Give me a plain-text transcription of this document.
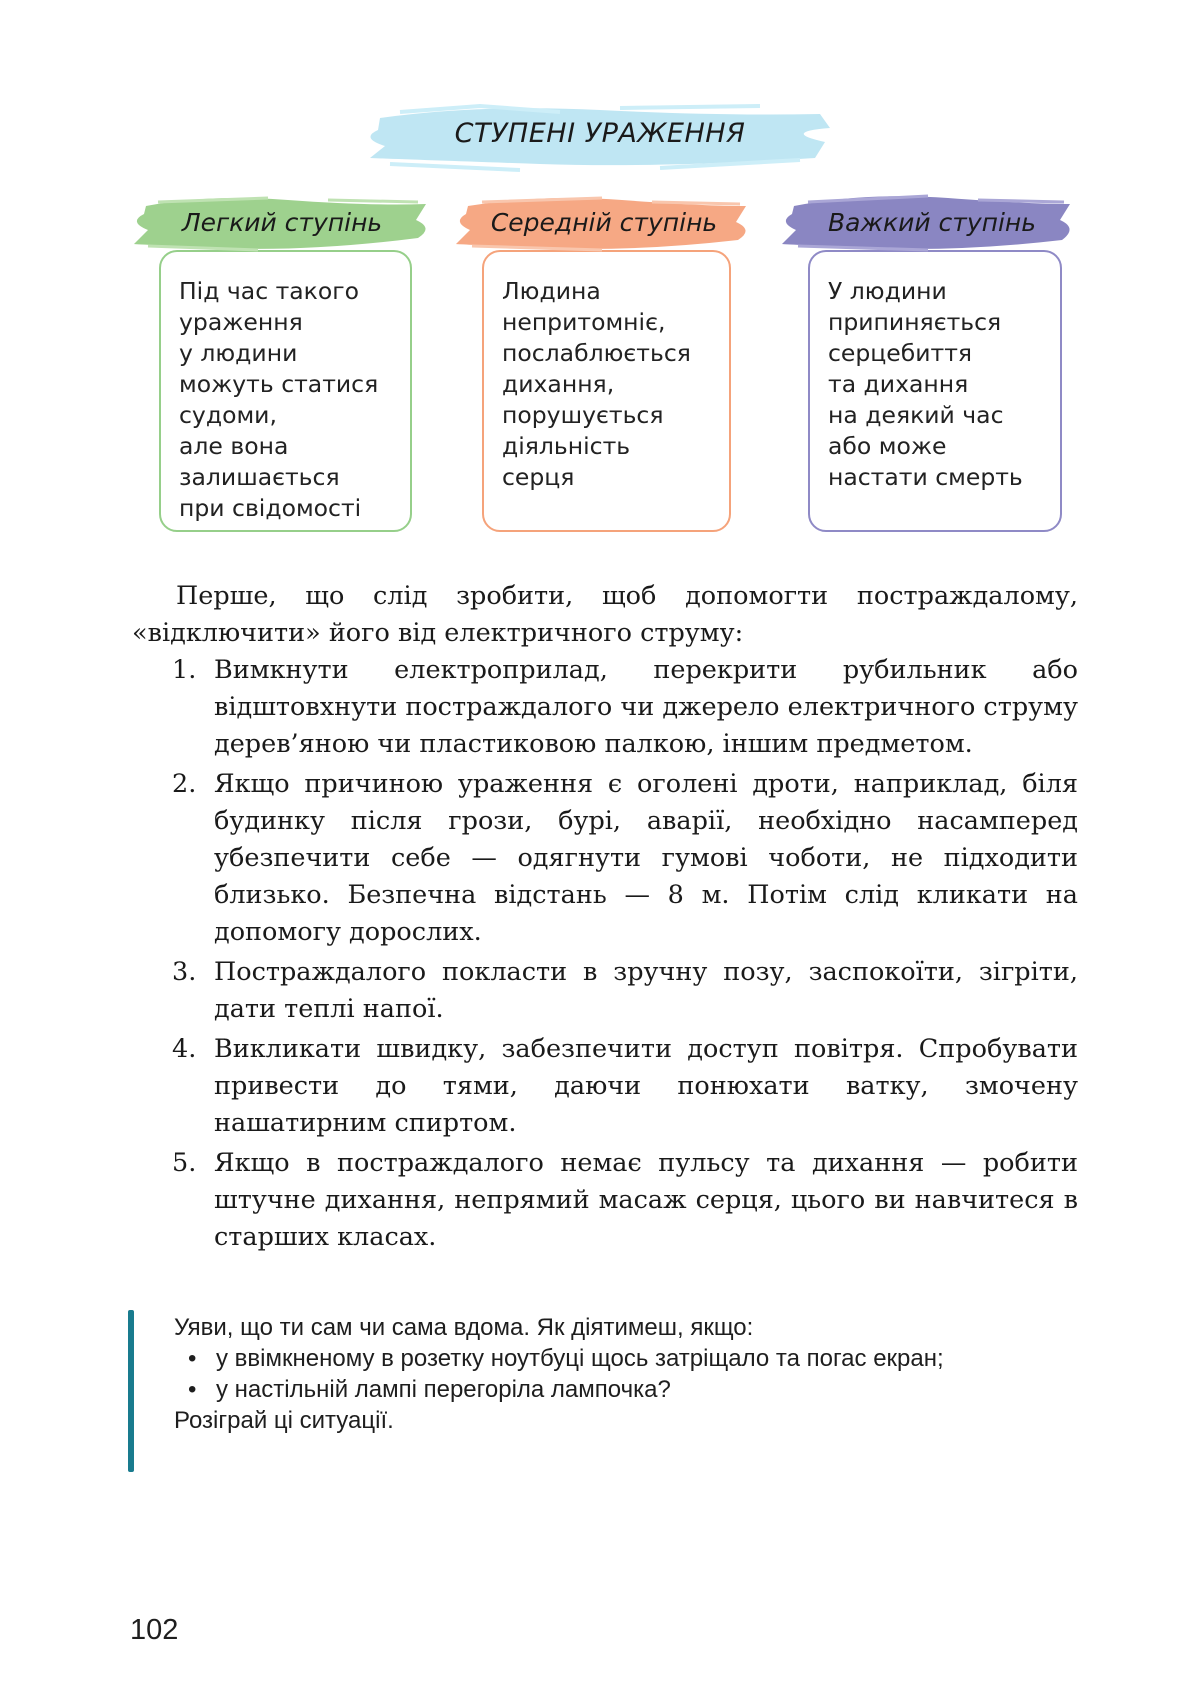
СТУПЕНІ УРАЖЕННЯ
Під час такого
ураження
у людини
можуть статися
судоми,
але вона
залишається
при свідомості
Легкий ступінь
Людина
непритомніє,
послаблюється
дихання,
порушується
діяльність
серця
Середній ступінь
У людини
припиняється
серцебиття
та дихання
на деякий час
або може
настати смерть
Важкий ступінь

Перше, що слід зробити, щоб допомогти постраждалому, «відключити» його від електричного струму:

1. Вимкнути електроприлад, перекрити рубильник або відштовхнути постраждалого чи джерело електричного струму дерев’яною чи пластиковою палкою, іншим предметом.
2. Якщо причиною ураження є оголені дроти, наприклад, біля будинку після грози, бурі, аварії, необхідно насамперед убезпечити себе — одягнути гумові чоботи, не підходити близько. Безпечна відстань — 8 м. Потім слід кликати на допомогу дорослих.
3. Постраждалого покласти в зручну позу, заспокоїти, зігріти, дати теплі напої.
4. Викликати швидку, забезпечити доступ повітря. Спробувати привести до тями, даючи понюхати ватку, змочену нашатирним спиртом.
5. Якщо в постраждалого немає пульсу та дихання — робити штучне дихання, непрямий масаж серця, цього ви навчитеся в старших класах.
Уяви, що ти сам чи сама вдома. Як діятимеш, якщо:
• у ввімкненому в розетку ноутбуці щось затріщало та погас екран;
• у настільній лампі перегоріла лампочка?
Розіграй ці ситуації.
102
